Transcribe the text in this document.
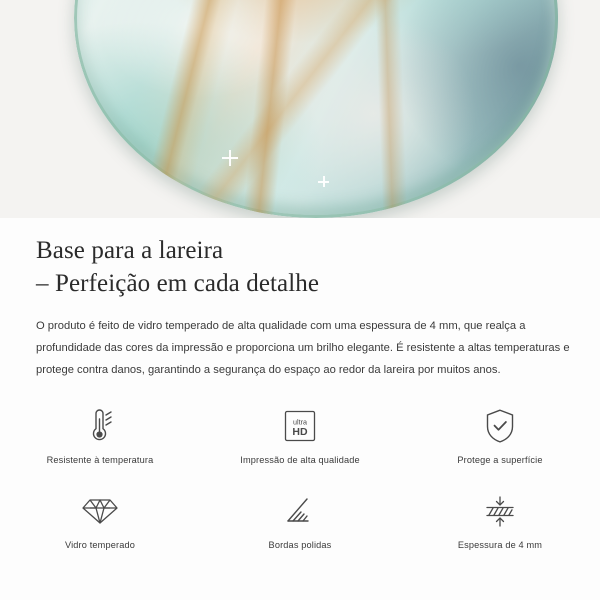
Base para a lareira
– Perfeição em cada detalhe

O produto é feito de vidro temperado de alta qualidade com uma espessura de 4 mm, que realça a profundidade das cores da impressão e proporciona um brilho elegante. É resistente a altas temperaturas e protege contra danos, garantindo a segurança do espaço ao redor da lareira por muitos anos.

Resistente à temperatura
ultra
HD
Impressão de alta qualidade	Protege a superfície
Vidro temperado	Bordas polidas	Espessura de 4 mm
